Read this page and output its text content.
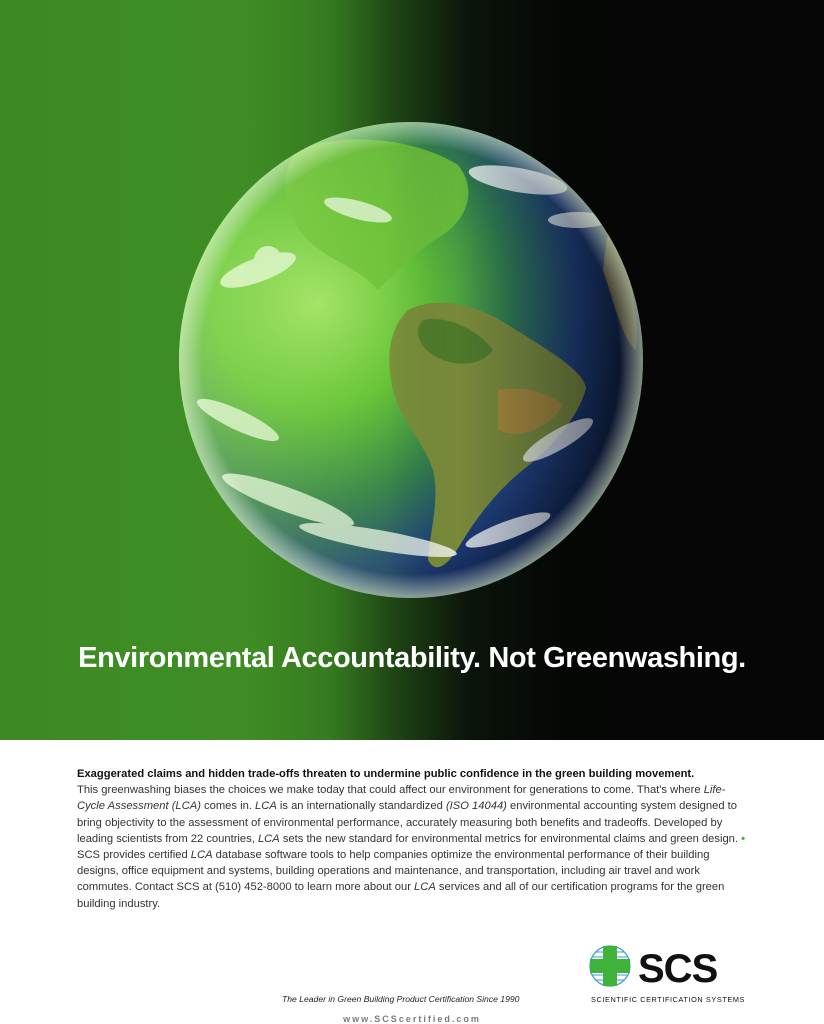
Environmental Accountability. Not Greenwashing.
Exaggerated claims and hidden trade-offs threaten to undermine public confidence in the green building movement.
This greenwashing biases the choices we make today that could affect our environment for generations to come. That's where Life-Cycle Assessment (LCA) comes in. LCA is an internationally standardized (ISO 14044) environmental accounting system designed to bring objectivity to the assessment of environmental performance, accurately measuring both benefits and tradeoffs. Developed by leading scientists from 22 countries, LCA sets the new standard for environmental metrics for environmental claims and green design. • SCS provides certified LCA database software tools to help companies optimize the environmental performance of their building designs, office equipment and systems, building operations and maintenance, and transportation, including air travel and work commutes. Contact SCS at (510) 452-8000 to learn more about our LCA services and all of our certification programs for the green building industry.
SCS
SCIENTIFIC CERTIFICATION SYSTEMS
The Leader in Green Building Product Certification Since 1990
www.SCScertified.com
